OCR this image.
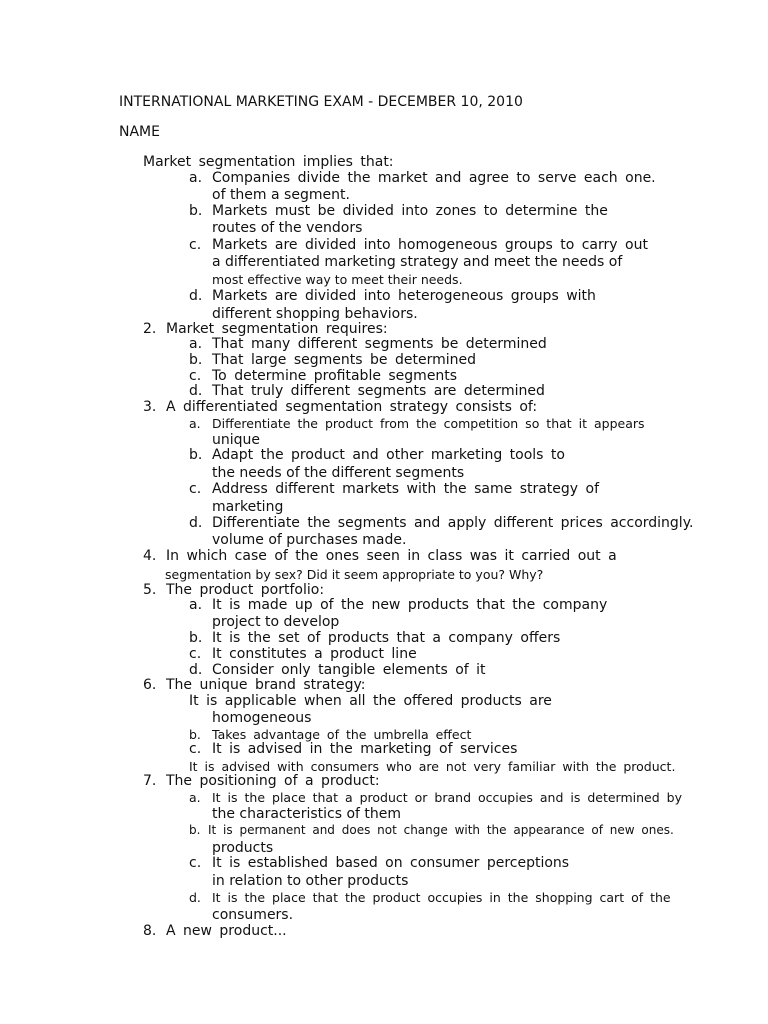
INTERNATIONAL MARKETING EXAM - DECEMBER 10, 2010
NAME
Market segmentation implies that:
a. Companies divide the market and agree to serve each one.
of them a segment.
b. Markets must be divided into zones to determine the
routes of the vendors
c. Markets are divided into homogeneous groups to carry out
a differentiated marketing strategy and meet the needs of
most effective way to meet their needs.
d. Markets are divided into heterogeneous groups with
different shopping behaviors.
2. Market segmentation requires:
a. That many different segments be determined
b. That large segments be determined
c. To determine profitable segments
d. That truly different segments are determined
3. A differentiated segmentation strategy consists of:
a. Differentiate the product from the competition so that it appears
unique
b. Adapt the product and other marketing tools to
the needs of the different segments
c. Address different markets with the same strategy of
marketing
d. Differentiate the segments and apply different prices accordingly.
volume of purchases made.
4. In which case of the ones seen in class was it carried out a
segmentation by sex? Did it seem appropriate to you? Why?
5. The product portfolio:
a. It is made up of the new products that the company
project to develop
b. It is the set of products that a company offers
c. It constitutes a product line
d. Consider only tangible elements of it
6. The unique brand strategy:
It is applicable when all the offered products are
homogeneous
b. Takes advantage of the umbrella effect
c. It is advised in the marketing of services
It is advised with consumers who are not very familiar with the product.
7. The positioning of a product:
a. It is the place that a product or brand occupies and is determined by
the characteristics of them
b. It is permanent and does not change with the appearance of new ones.
products
c. It is established based on consumer perceptions
in relation to other products
d. It is the place that the product occupies in the shopping cart of the
consumers.
8. A new product...
